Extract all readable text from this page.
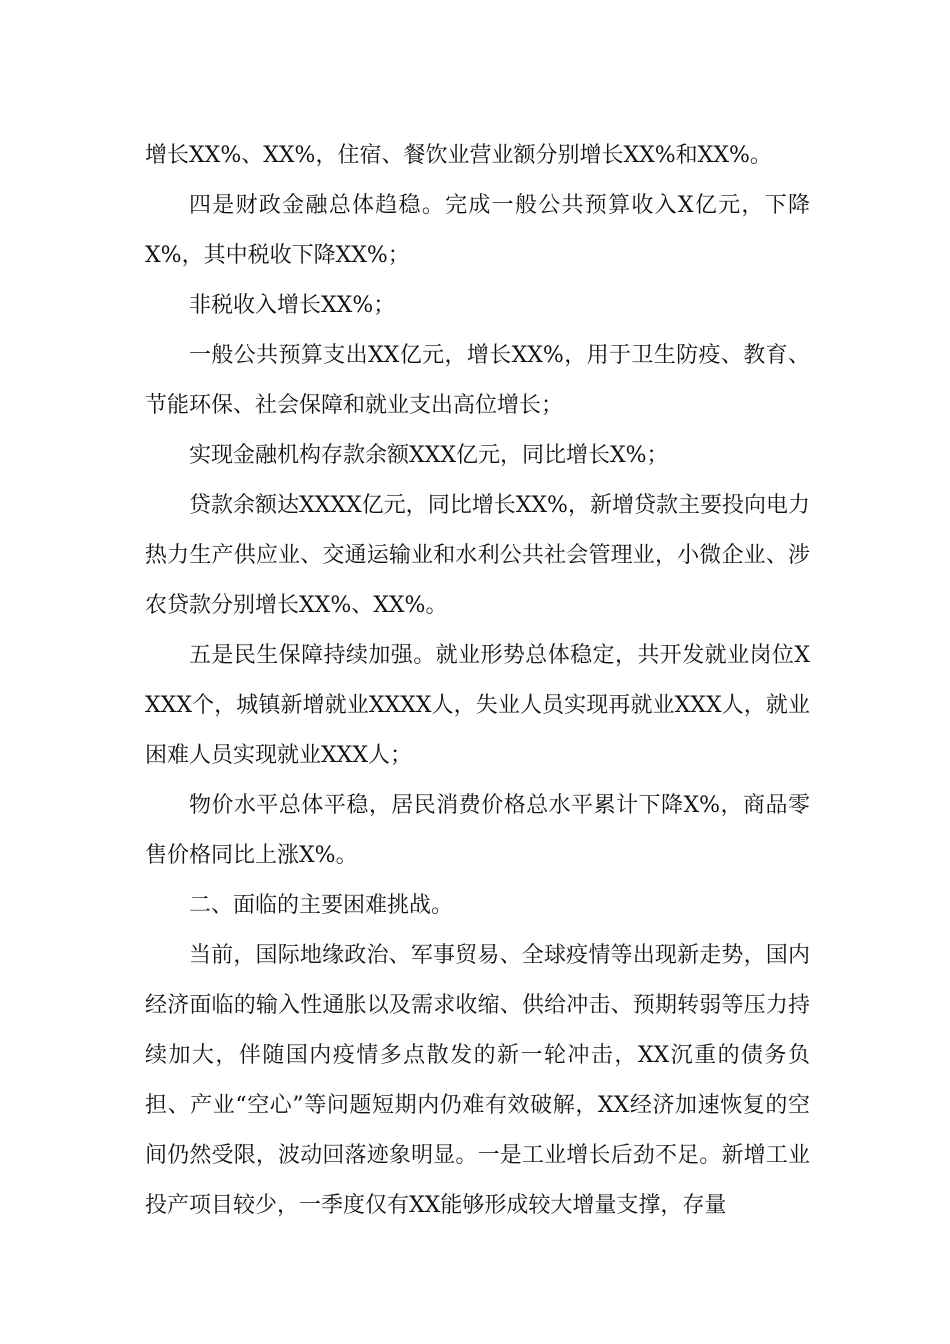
增长XX%、XX%，住宿、餐饮业营业额分别增长XX%和XX%。

四是财政金融总体趋稳。完成一般公共预算收入X亿元，下降X%，其中税收下降XX%；

非税收入增长XX%；

一般公共预算支出XX亿元，增长XX%，用于卫生防疫、教育、节能环保、社会保障和就业支出高位增长；

实现金融机构存款余额XXX亿元，同比增长X%；

贷款余额达XXXX亿元，同比增长XX%，新增贷款主要投向电力热力生产供应业、交通运输业和水利公共社会管理业，小微企业、涉农贷款分别增长XX%、XX%。

五是民生保障持续加强。就业形势总体稳定，共开发就业岗位XXXX个，城镇新增就业XXXX人，失业人员实现再就业XXX人，就业困难人员实现就业XXX人；

物价水平总体平稳，居民消费价格总水平累计下降X%，商品零售价格同比上涨X%。

二、面临的主要困难挑战。

当前，国际地缘政治、军事贸易、全球疫情等出现新走势，国内经济面临的输入性通胀以及需求收缩、供给冲击、预期转弱等压力持续加大，伴随国内疫情多点散发的新一轮冲击，XX沉重的债务负担、产业“空心”等问题短期内仍难有效破解，XX经济加速恢复的空间仍然受限，波动回落迹象明显。一是工业增长后劲不足。新增工业投产项目较少，一季度仅有XX能够形成较大增量支撑，存量
